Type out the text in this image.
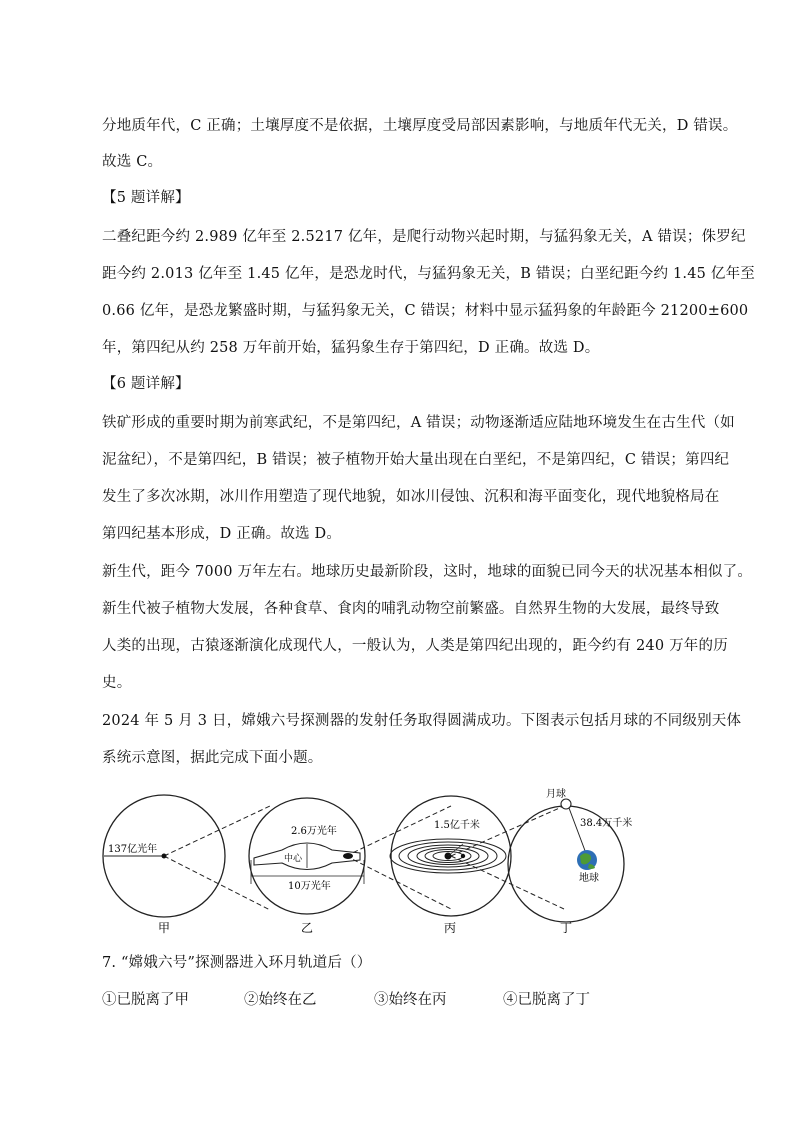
分地质年代，C 正确；土壤厚度不是依据，土壤厚度受局部因素影响，与地质年代无关，D 错误。
故选 C。
【5 题详解】
二叠纪距今约 2.989 亿年至 2.5217 亿年，是爬行动物兴起时期，与猛犸象无关，A 错误；侏罗纪
距今约 2.013 亿年至 1.45 亿年，是恐龙时代，与猛犸象无关，B 错误；白垩纪距今约 1.45 亿年至
0.66 亿年，是恐龙繁盛时期，与猛犸象无关，C 错误；材料中显示猛犸象的年龄距今 21200±600
年，第四纪从约 258 万年前开始，猛犸象生存于第四纪，D 正确。故选 D。
【6 题详解】
铁矿形成的重要时期为前寒武纪，不是第四纪，A 错误；动物逐渐适应陆地环境发生在古生代（如
泥盆纪），不是第四纪，B 错误；被子植物开始大量出现在白垩纪，不是第四纪，C 错误；第四纪
发生了多次冰期，冰川作用塑造了现代地貌，如冰川侵蚀、沉积和海平面变化，现代地貌格局在
第四纪基本形成，D 正确。故选 D。
新生代，距今 7000 万年左右。地球历史最新阶段，这时，地球的面貌已同今天的状况基本相似了。
新生代被子植物大发展，各种食草、食肉的哺乳动物空前繁盛。自然界生物的大发展，最终导致
人类的出现，古猿逐渐演化成现代人，一般认为，人类是第四纪出现的，距今约有 240 万年的历
史。
2024 年 5 月 3 日，嫦娥六号探测器的发射任务取得圆满成功。下图表示包括月球的不同级别天体
系统示意图，据此完成下面小题。
137亿光年
2.6万光年
中心
10万光年
1.5亿千米
月球
38.4万千米
地球
甲	乙	丙	丁
7. “嫦娥六号”探测器进入环月轨道后（）
①已脱离了甲	②始终在乙	③始终在丙	④已脱离了丁
